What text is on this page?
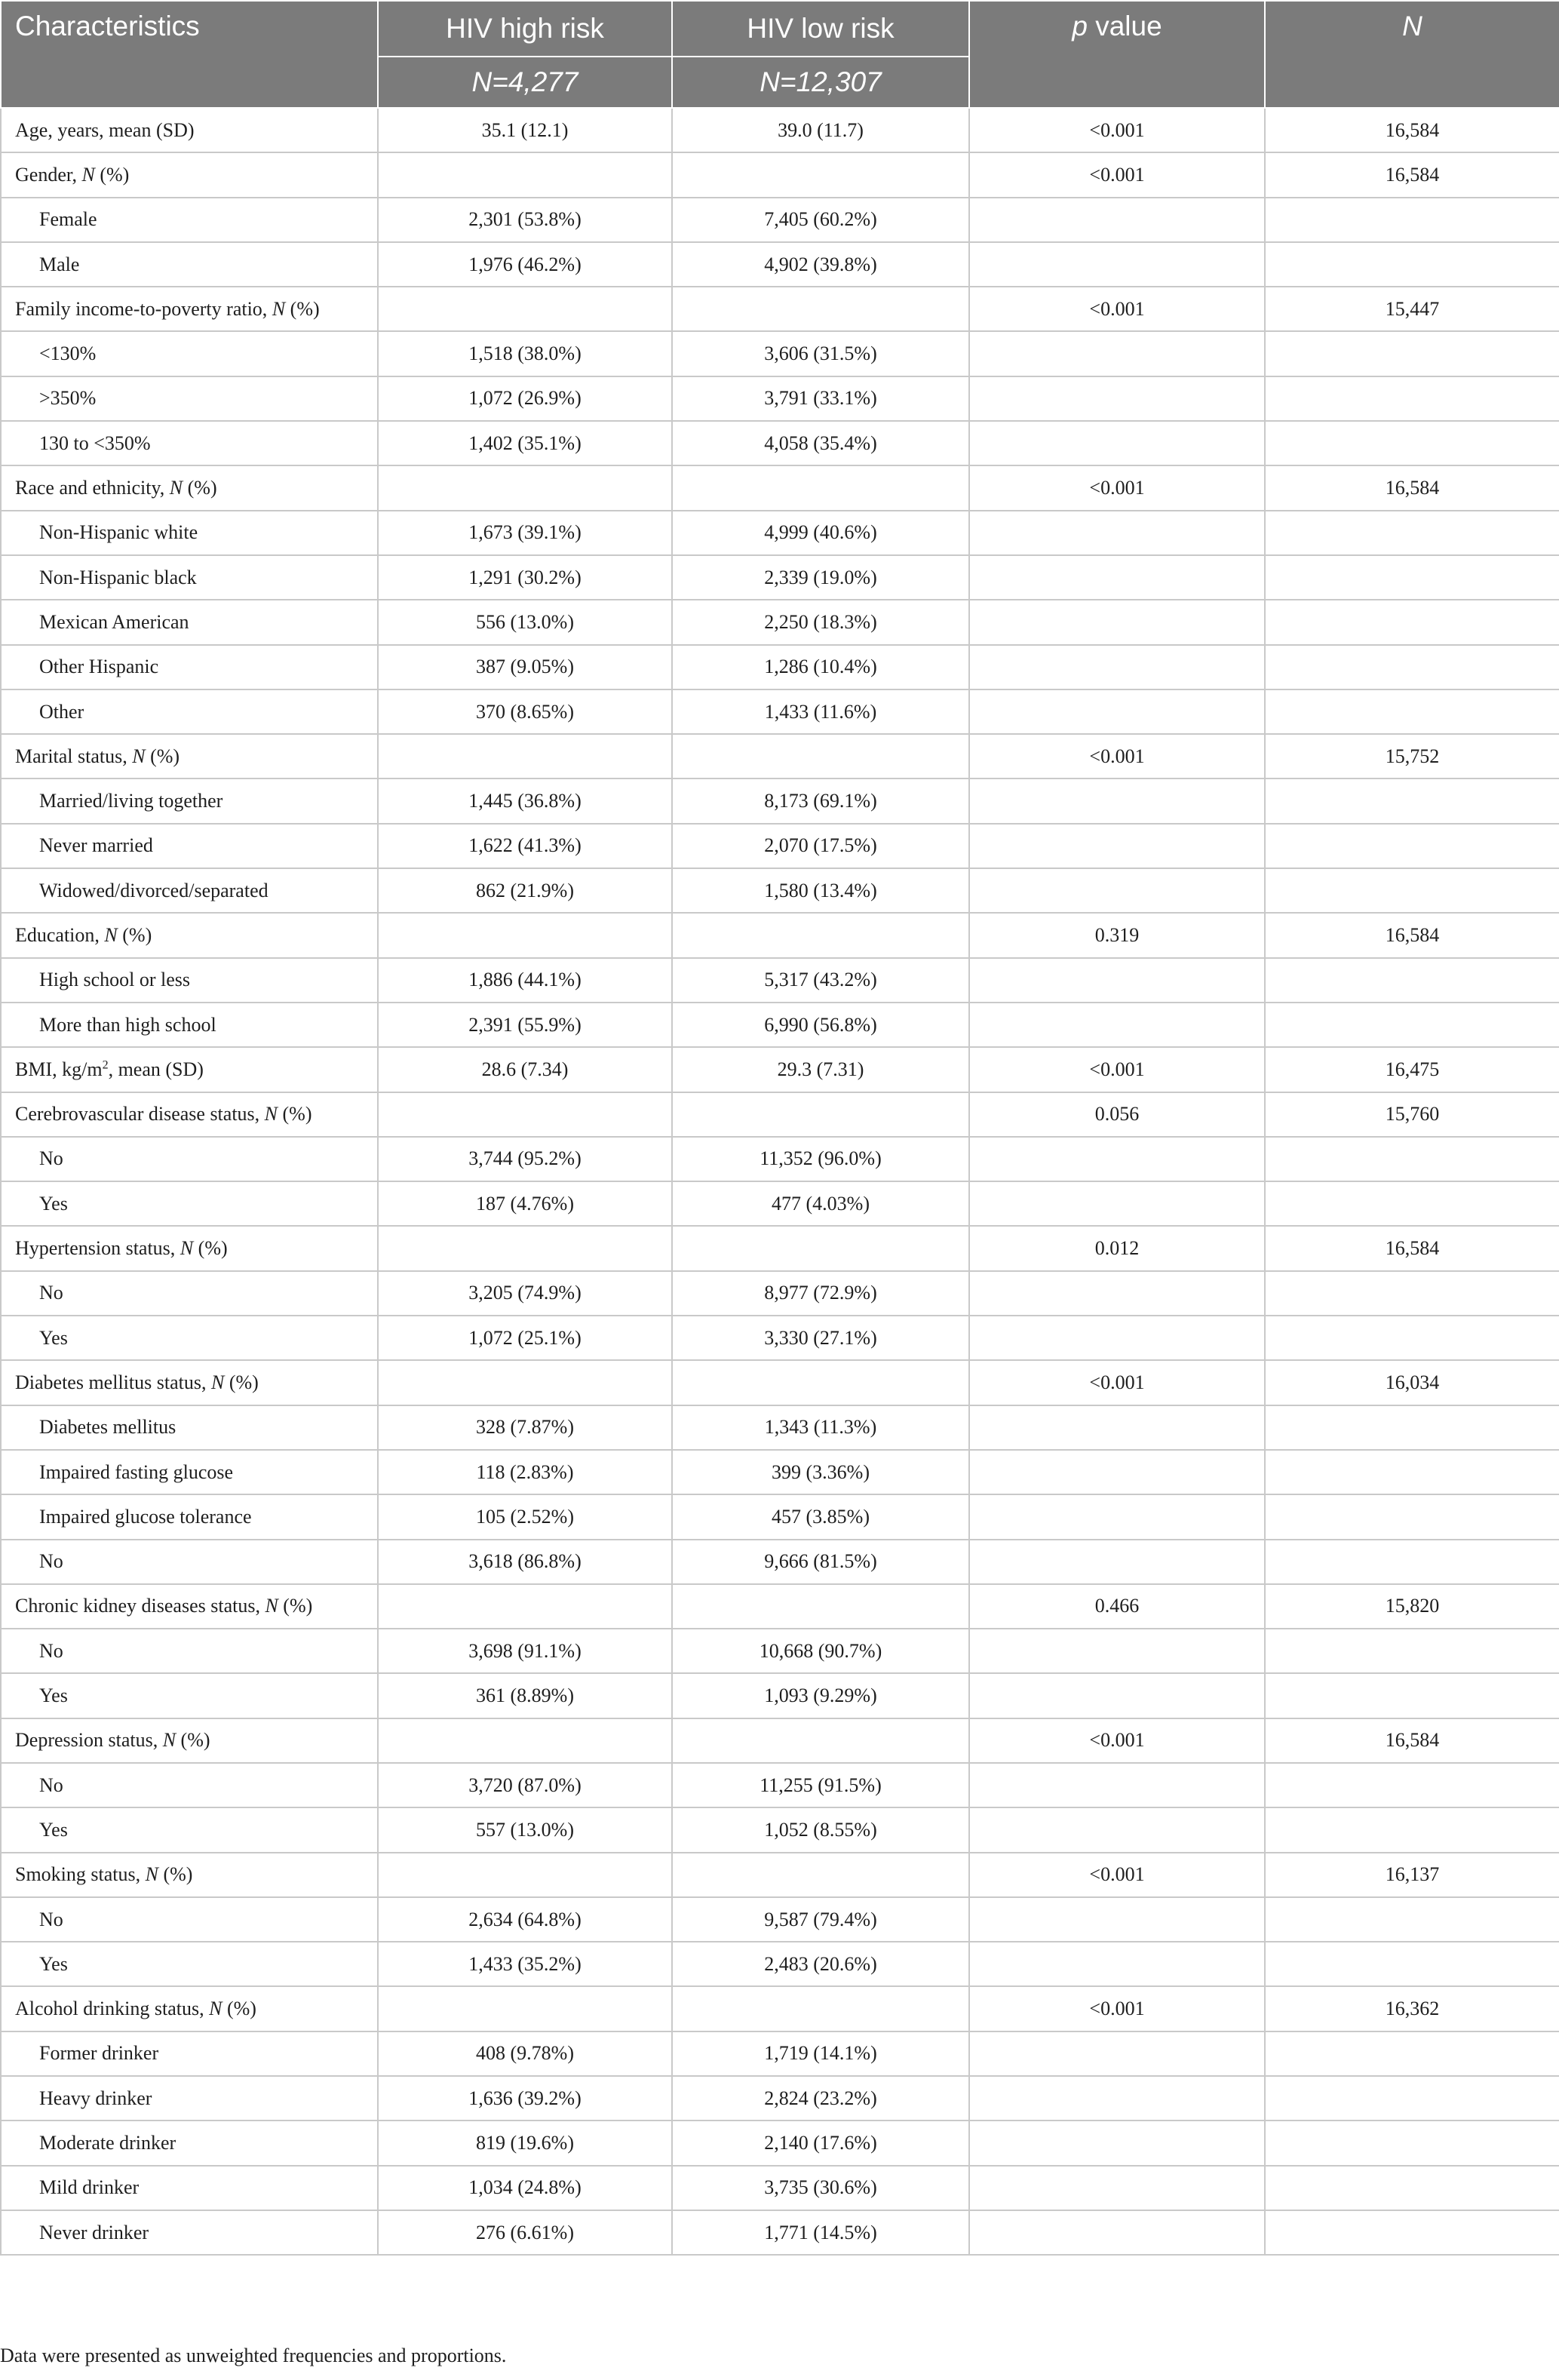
Characteristics	HIV high risk	HIV low risk	p value	N
	N=4,277	N=12,307		
Age, years, mean (SD)	35.1 (12.1)	39.0 (11.7)	<0.001	16,584
Gender, N (%)			<0.001	16,584
Female	2,301 (53.8%)	7,405 (60.2%)		
Male	1,976 (46.2%)	4,902 (39.8%)		
Family income-to-poverty ratio, N (%)			<0.001	15,447
<130%	1,518 (38.0%)	3,606 (31.5%)		
>350%	1,072 (26.9%)	3,791 (33.1%)		
130 to <350%	1,402 (35.1%)	4,058 (35.4%)		
Race and ethnicity, N (%)			<0.001	16,584
Non-Hispanic white	1,673 (39.1%)	4,999 (40.6%)		
Non-Hispanic black	1,291 (30.2%)	2,339 (19.0%)		
Mexican American	556 (13.0%)	2,250 (18.3%)		
Other Hispanic	387 (9.05%)	1,286 (10.4%)		
Other	370 (8.65%)	1,433 (11.6%)		
Marital status, N (%)			<0.001	15,752
Married/living together	1,445 (36.8%)	8,173 (69.1%)		
Never married	1,622 (41.3%)	2,070 (17.5%)		
Widowed/divorced/separated	862 (21.9%)	1,580 (13.4%)		
Education, N (%)			0.319	16,584
High school or less	1,886 (44.1%)	5,317 (43.2%)		
More than high school	2,391 (55.9%)	6,990 (56.8%)		
BMI, $kg/m^2$, mean (SD)	28.6 (7.34)	29.3 (7.31)	<0.001	16,475
Cerebrovascular disease status, N (%)			0.056	15,760
No	3,744 (95.2%)	11,352 (96.0%)		
Yes	187 (4.76%)	477 (4.03%)		
Hypertension status, N (%)			0.012	16,584
No	3,205 (74.9%)	8,977 (72.9%)		
Yes	1,072 (25.1%)	3,330 (27.1%)		
Diabetes mellitus status, N (%)			<0.001	16,034
Diabetes mellitus	328 (7.87%)	1,343 (11.3%)		
Impaired fasting glucose	118 (2.83%)	399 (3.36%)		
Impaired glucose tolerance	105 (2.52%)	457 (3.85%)		
No	3,618 (86.8%)	9,666 (81.5%)		
Chronic kidney diseases status, N (%)			0.466	15,820
No	3,698 (91.1%)	10,668 (90.7%)		
Yes	361 (8.89%)	1,093 (9.29%)		
Depression status, N (%)			<0.001	16,584
No	3,720 (87.0%)	11,255 (91.5%)		
Yes	557 (13.0%)	1,052 (8.55%)		
Smoking status, N (%)			<0.001	16,137
No	2,634 (64.8%)	9,587 (79.4%)		
Yes	1,433 (35.2%)	2,483 (20.6%)		
Alcohol drinking status, N (%)			<0.001	16,362
Former drinker	408 (9.78%)	1,719 (14.1%)		
Heavy drinker	1,636 (39.2%)	2,824 (23.2%)		
Moderate drinker	819 (19.6%)	2,140 (17.6%)		
Mild drinker	1,034 (24.8%)	3,735 (30.6%)		
Never drinker	276 (6.61%)	1,771 (14.5%)		
Data were presented as unweighted frequencies and proportions.
